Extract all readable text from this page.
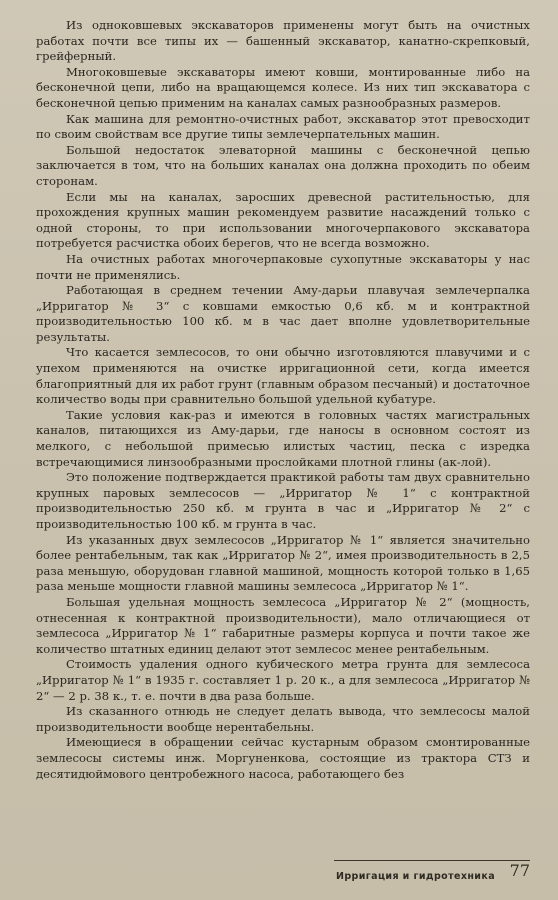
Из одноковшевых экскаваторов применены могут быть на очистных работах почти все типы их — башенный экскаватор, канатно-скрепковый, грейферный.

Многоковшевые экскаваторы имеют ковши, монтированные либо на бесконечной цепи, либо на вращающемся колесе. Из них тип экскаватора с бесконечной цепью применим на каналах самых разнообразных размеров.

Как машина для ремонтно-очистных работ, экскаватор этот превосходит по своим свойствам все другие типы землечерпательных машин.

Большой недостаток элеваторной машины с бесконечной цепью заключается в том, что на больших каналах она должна проходить по обеим сторонам.

Если мы на каналах, заросших древесной растительностью, для прохождения крупных машин рекомендуем развитие насаждений только с одной стороны, то при использовании многочерпакового экскаватора потребуется расчистка обоих берегов, что не всегда возможно.

На очистных работах многочерпаковые сухопутные экскаваторы у нас почти не применялись.

Работающая в среднем течении Аму-дарьи плавучая землечерпалка „Ирригатор № 3“ с ковшами емкостью 0,6 кб. м и контрактной производительностью 100 кб. м в час дает вполне удовлетворительные результаты.

Что касается землесосов, то они обычно изготовляются плавучими и с упехом применяются на очистке ирригационной сети, когда имеется благоприятный для их работ грунт (главным образом песчаный) и достаточное количество воды при сравнительно большой удельной кубатуре.

Такие условия как-раз и имеются в головных частях магистральных каналов, питающихся из Аму-дарьи, где наносы в основном состоят из мелкого, с небольшой примесью илистых частиц, песка с изредка встречающимися линзообразными прослойками плотной глины (ак-лой).

Это положение подтверждается практикой работы там двух сравнительно крупных паровых землесосов — „Ирригатор № 1“ с контрактной производительностью 250 кб. м грунта в час и „Ирригатор № 2“ с производительностью 100 кб. м грунта в час.

Из указанных двух землесосов „Ирригатор № 1“ является значительно более рентабельным, так как „Ирригатор № 2“, имея производительность в 2,5 раза меньшую, оборудован главной машиной, мощность которой только в 1,65 раза меньше мощности главной машины землесоса „Ирригатор № 1“.

Большая удельная мощность землесоса „Ирригатор № 2“ (мощность, отнесенная к контрактной производительности), мало отличающиеся от землесоса „Ирригатор № 1“ габаритные размеры корпуса и почти такое же количество штатных единиц делают этот землесос менее рентабельным.

Стоимость удаления одного кубического метра грунта для землесоса „Ирригатор № 1“ в 1935 г. составляет 1 р. 20 к., а для землесоса „Ирригатор № 2“ — 2 р. 38 к., т. е. почти в два раза больше.

Из сказанного отнюдь не следует делать вывода, что землесосы малой производительности вообще нерентабельны.

Имеющиеся в обращении сейчас кустарным образом смонтированные землесосы системы инж. Моргуненкова, состоящие из трактора СТЗ и десятидюймового центробежного насоса, работающего без

Ирригация и гидротехника 77
